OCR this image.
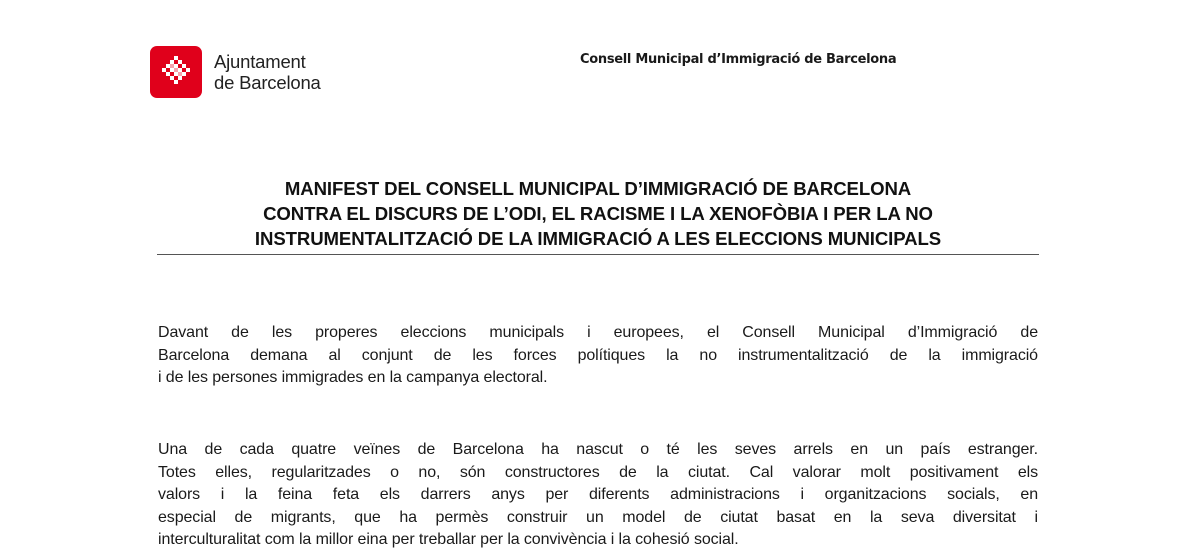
Ajuntament
de Barcelona
Consell Municipal d’Immigració de Barcelona
MANIFEST DEL CONSELL MUNICIPAL D’IMMIGRACIÓ DE BARCELONA
CONTRA EL DISCURS DE L’ODI, EL RACISME I LA XENOFÒBIA I PER LA NO
INSTRUMENTALITZACIÓ DE LA IMMIGRACIÓ A LES ELECCIONS MUNICIPALS
Davant de les properes eleccions municipals i europees, el Consell Municipal d’Immigració de
Barcelona demana al conjunt de les forces polítiques la no instrumentalització de la immigració
i de les persones immigrades en la campanya electoral.
Una de cada quatre veïnes de Barcelona ha nascut o té les seves arrels en un país estranger.
Totes elles, regularitzades o no, són constructores de la ciutat. Cal valorar molt positivament els
valors i la feina feta els darrers anys per diferents administracions i organitzacions socials, en
especial de migrants, que ha permès construir un model de ciutat basat en la seva diversitat i
interculturalitat com la millor eina per treballar per la convivència i la cohesió social.
